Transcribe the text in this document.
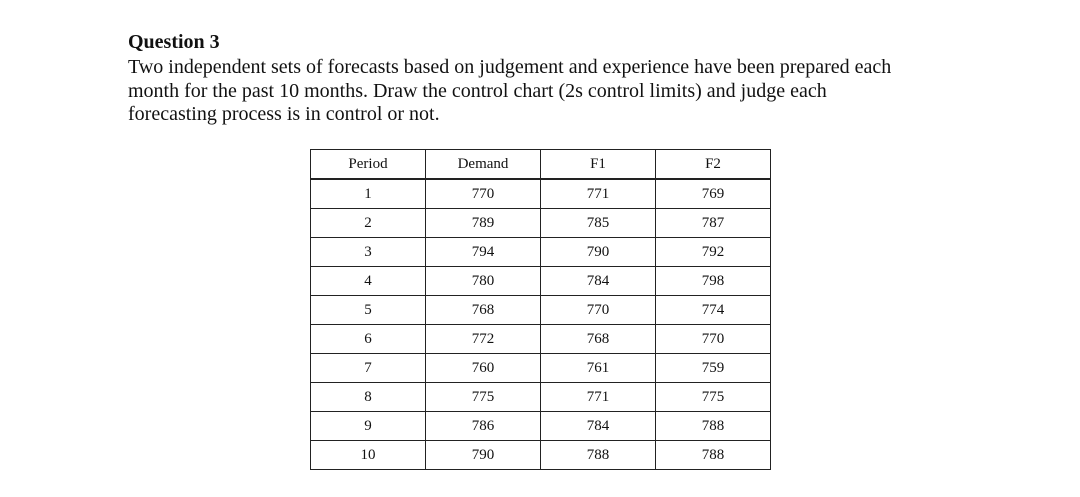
Question 3
Two independent sets of forecasts based on judgement and experience have been prepared each
month for the past 10 months. Draw the control chart (2s control limits) and judge each
forecasting process is in control or not.
Period	Demand	F1	F2
1	770	771	769
2	789	785	787
3	794	790	792
4	780	784	798
5	768	770	774
6	772	768	770
7	760	761	759
8	775	771	775
9	786	784	788
10	790	788	788
